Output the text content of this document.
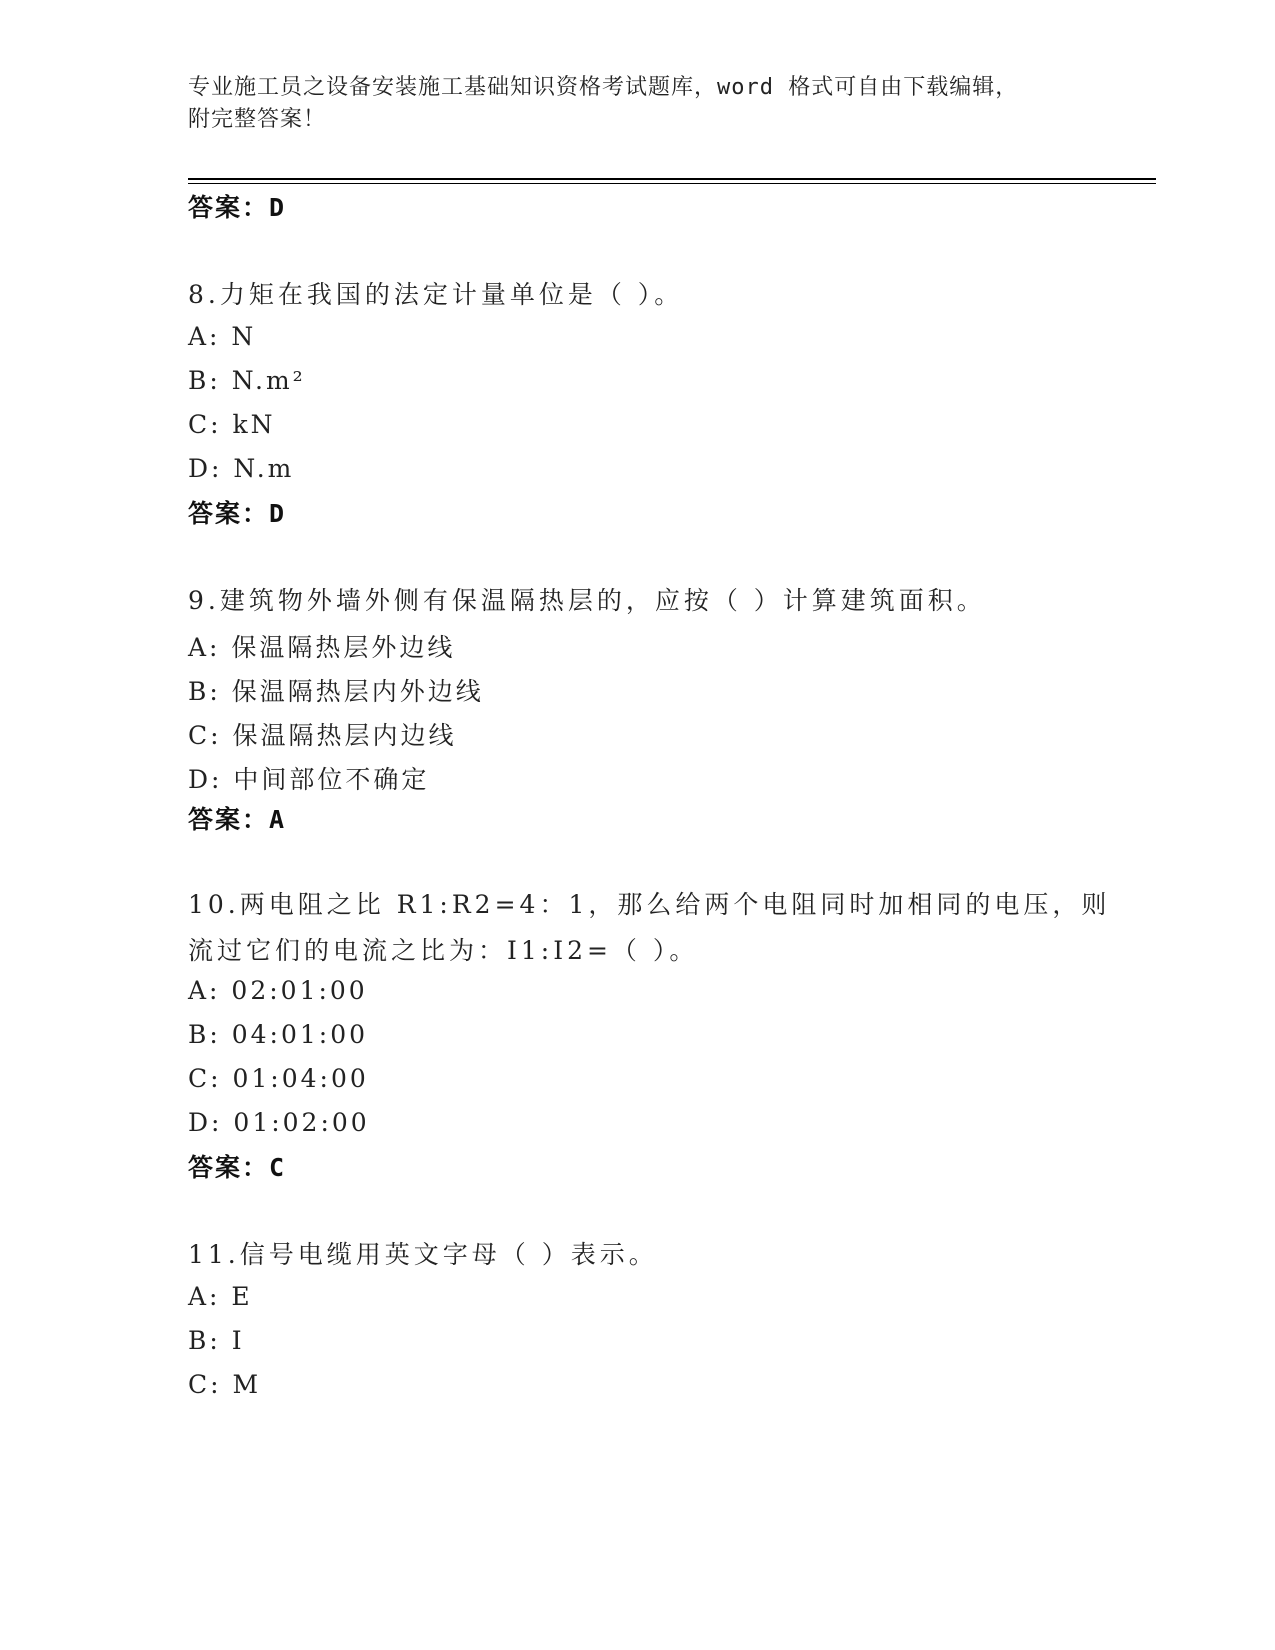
专业施工员之设备安装施工基础知识资格考试题库，word 格式可自由下载编辑，
附完整答案！
答案：D
8.力矩在我国的法定计量单位是（ ）。
A: N
B: N.m²
C: kN
D: N.m
答案：D
9.建筑物外墙外侧有保温隔热层的，应按（ ）计算建筑面积。
A: 保温隔热层外边线
B: 保温隔热层内外边线
C: 保温隔热层内边线
D: 中间部位不确定
答案：A
10.两电阻之比 R1:R2=4：1，那么给两个电阻同时加相同的电压，则流过它们的电流之比为：I1:I2=（ ）。
A: 02:01:00
B: 04:01:00
C: 01:04:00
D: 01:02:00
答案：C
11.信号电缆用英文字母（ ）表示。
A: E
B: I
C: M
